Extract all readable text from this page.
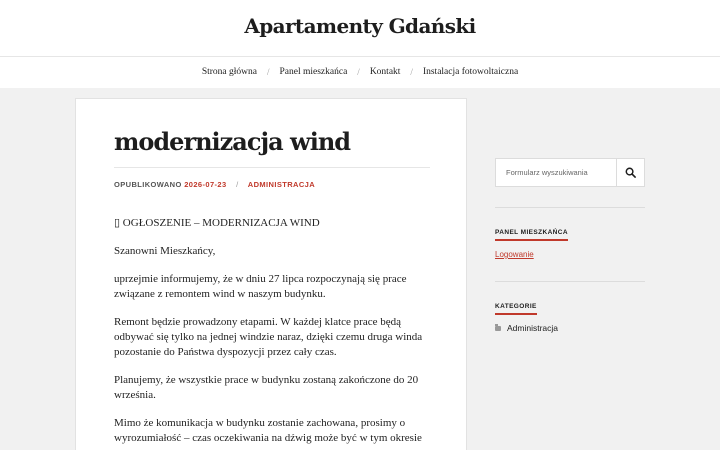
Apartamenty Gdański
Strona główna / Panel mieszkańca / Kontakt / Instalacja fotowoltaiczna
modernizacja wind
OPUBLIKOWANO 2026-07-23 / ADMINISTRACJA

▯ OGŁOSZENIE – MODERNIZACJA WIND

Szanowni Mieszkańcy,

uprzejmie informujemy, że w dniu 27 lipca rozpoczynają się prace związane z remontem wind w naszym budynku.

Remont będzie prowadzony etapami. W każdej klatce prace będą odbywać się tylko na jednej windzie naraz, dzięki czemu druga winda pozostanie do Państwa dyspozycji przez cały czas.

Planujemy, że wszystkie prace w budynku zostaną zakończone do 20 września.

Mimo że komunikacja w budynku zostanie zachowana, prosimy o wyrozumiałość – czas oczekiwania na dźwig może być w tym okresie

Formularz wyszukiwania
PANEL MIESZKAŃCA
Logowanie
KATEGORIE
Administracja
